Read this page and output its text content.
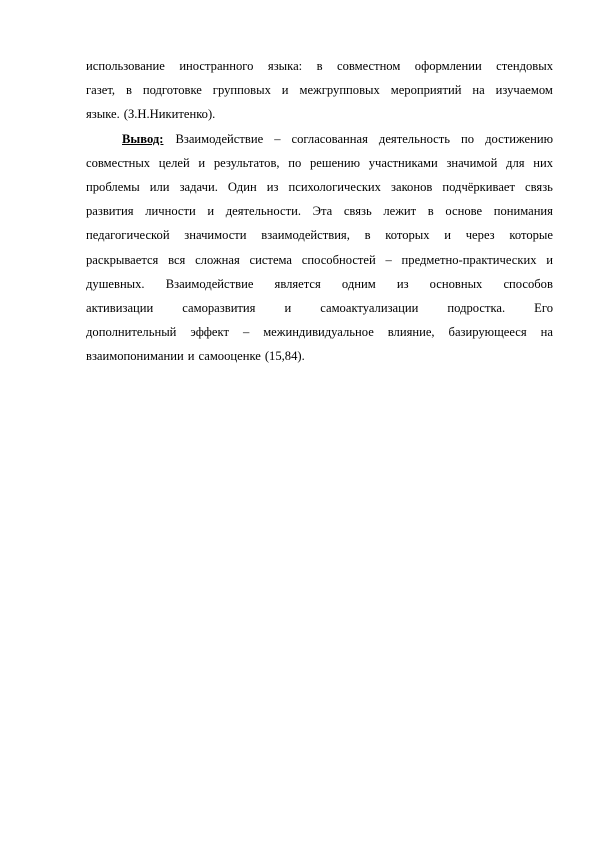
использование иностранного языка: в совместном оформлении стендовых
газет, в подготовке групповых и межгрупповых мероприятий на изучаемом
языке. (З.Н.Никитенко).
Вывод: Взаимодействие – согласованная деятельность по достижению
совместных целей и результатов, по решению участниками значимой для них
проблемы или задачи. Один из психологических законов подчёркивает связь
развития личности и деятельности. Эта связь лежит в основе понимания
педагогической значимости взаимодействия, в которых и через которые
раскрывается вся сложная система способностей – предметно-практических и
душевных. Взаимодействие является одним из основных способов
активизации саморазвития и самоактуализации подростка. Его
дополнительный эффект – межиндивидуальное влияние, базирующееся на
взаимопонимании и самооценке (15,84).
